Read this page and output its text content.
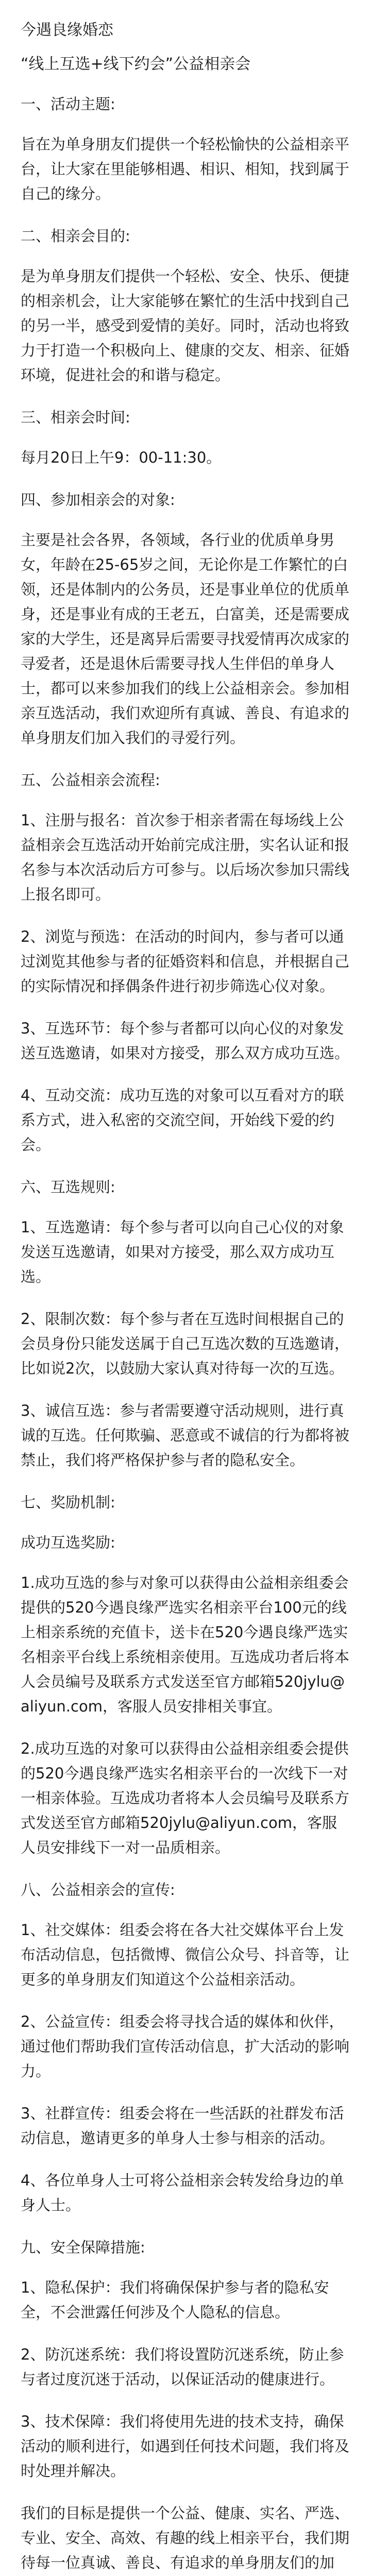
今遇良缘婚恋

“线上互选+线下约会”公益相亲会

一、活动主题:

旨在为单身朋友们提供一个轻松愉快的公益相亲平台，让大家在里能够相遇、相识、相知，找到属于自己的缘分。

二、相亲会目的:

是为单身朋友们提供一个轻松、安全、快乐、便捷的相亲机会，让大家能够在繁忙的生活中找到自己的另一半，感受到爱情的美好。同时，活动也将致力于打造一个积极向上、健康的交友、相亲、征婚环境，促进社会的和谐与稳定。

三、相亲会时间:

每月20日上午9：00-11:30。

四、参加相亲会的对象:

主要是社会各界，各领域，各行业的优质单身男女，年龄在25-65岁之间，无论你是工作繁忙的白领，还是体制内的公务员，还是事业单位的优质单身，还是事业有成的王老五，白富美，还是需要成家的大学生，还是离异后需要寻找爱情再次成家的寻爱者，还是退休后需要寻找人生伴侣的单身人士，都可以来参加我们的线上公益相亲会。参加相亲互选活动，我们欢迎所有真诚、善良、有追求的单身朋友们加入我们的寻爱行列。

五、公益相亲会流程:

1、注册与报名：首次参于相亲者需在每场线上公益相亲会互选活动开始前完成注册，实名认证和报名参与本次活动后方可参与。以后场次参加只需线上报名即可。

2、浏览与预选：在活动的时间内，参与者可以通过浏览其他参与者的征婚资料和信息，并根据自己的实际情况和择偶条件进行初步筛选心仪对象。

3、互选环节：每个参与者都可以向心仪的对象发送互选邀请，如果对方接受，那么双方成功互选。

4、互动交流：成功互选的对象可以互看对方的联系方式，进入私密的交流空间，开始线下爱的约会。

六、互选规则:

1、互选邀请：每个参与者可以向自己心仪的对象发送互选邀请，如果对方接受，那么双方成功互选。

2、限制次数：每个参与者在互选时间根据自己的会员身份只能发送属于自己互选次数的互选邀请，比如说2次，以鼓励大家认真对待每一次的互选。

3、诚信互选：参与者需要遵守活动规则，进行真诚的互选。任何欺骗、恶意或不诚信的行为都将被禁止，我们将严格保护参与者的隐私安全。

七、奖励机制:

成功互选奖励:

1.成功互选的参与对象可以获得由公益相亲组委会提供的520今遇良缘严选实名相亲平台100元的线上相亲系统的充值卡，送卡在520今遇良缘严选实名相亲平台线上系统相亲使用。互选成功者后将本人会员编号及联系方式发送至官方邮箱520jylu@aliyun.com，客服人员安排相关事宜。

2.成功互选的对象可以获得由公益相亲组委会提供的520今遇良缘严选实名相亲平台的一次线下一对一相亲体验。互选成功者将本人会员编号及联系方式发送至官方邮箱520jylu@aliyun.com，客服人员安排线下一对一品质相亲。

八、公益相亲会的宣传:

1、社交媒体：组委会将在各大社交媒体平台上发布活动信息，包括微博、微信公众号、抖音等，让更多的单身朋友们知道这个公益相亲活动。

2、公益宣传：组委会将寻找合适的媒体和伙伴，通过他们帮助我们宣传活动信息，扩大活动的影响力。

3、社群宣传：组委会将在一些活跃的社群发布活动信息，邀请更多的单身人士参与相亲的活动。

4、各位单身人士可将公益相亲会转发给身边的单身人士。

九、安全保障措施:

1、隐私保护：我们将确保保护参与者的隐私安全，不会泄露任何涉及个人隐私的信息。

2、防沉迷系统：我们将设置防沉迷系统，防止参与者过度沉迷于活动，以保证活动的健康进行。

3、技术保障：我们将使用先进的技术支持，确保活动的顺利进行，如遇到任何技术问题，我们将及时处理并解决。

我们的目标是提供一个公益、健康、实名、严选、专业、安全、高效、有趣的线上相亲平台，我们期待每一位真诚、善良、有追求的单身朋友们的加
